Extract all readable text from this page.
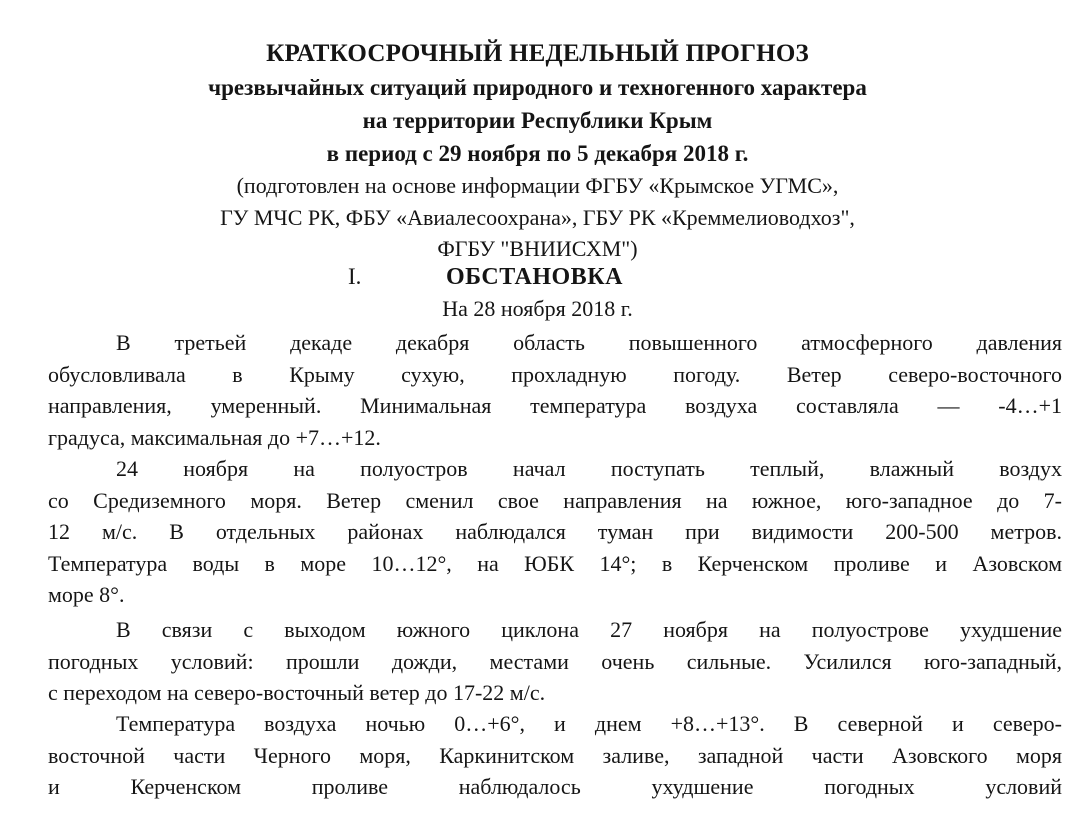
КРАТКОСРОЧНЫЙ НЕДЕЛЬНЫЙ ПРОГНОЗ
чрезвычайных ситуаций природного и техногенного характера
на территории Республики Крым
в период с 29 ноября по 5 декабря 2018 г.
(подготовлен на основе информации ФГБУ «Крымское УГМС»,
ГУ МЧС РК, ФБУ «Авиалесоохрана», ГБУ РК «Креммелиоводхоз",
ФГБУ "ВНИИСХМ")
I.	ОБСТАНОВКА
На 28 ноября 2018 г.
В третьей декаде декабря область повышенного атмосферного давления
обусловливала в Крыму сухую, прохладную погоду. Ветер северо-восточного
направления, умеренный. Минимальная температура воздуха составляла — -4…+1
градуса, максимальная до +7…+12.
24 ноября на полуостров начал поступать теплый, влажный воздух
со Средиземного моря. Ветер сменил свое направления на южное, юго-западное до 7-
12 м/с. В отдельных районах наблюдался туман при видимости 200-500 метров.
Температура воды в море 10…12°, на ЮБК 14°; в Керченском проливе и Азовском
море 8°.
В связи с выходом южного циклона 27 ноября на полуострове ухудшение
погодных условий: прошли дожди, местами очень сильные. Усилился юго-западный,
с переходом на северо-восточный ветер до 17-22 м/с.
Температура воздуха ночью 0…+6°, и днем +8…+13°. В северной и северо-
восточной части Черного моря, Каркинитском заливе, западной части Азовского моря
и Керченском проливе наблюдалось ухудшение погодных условий
